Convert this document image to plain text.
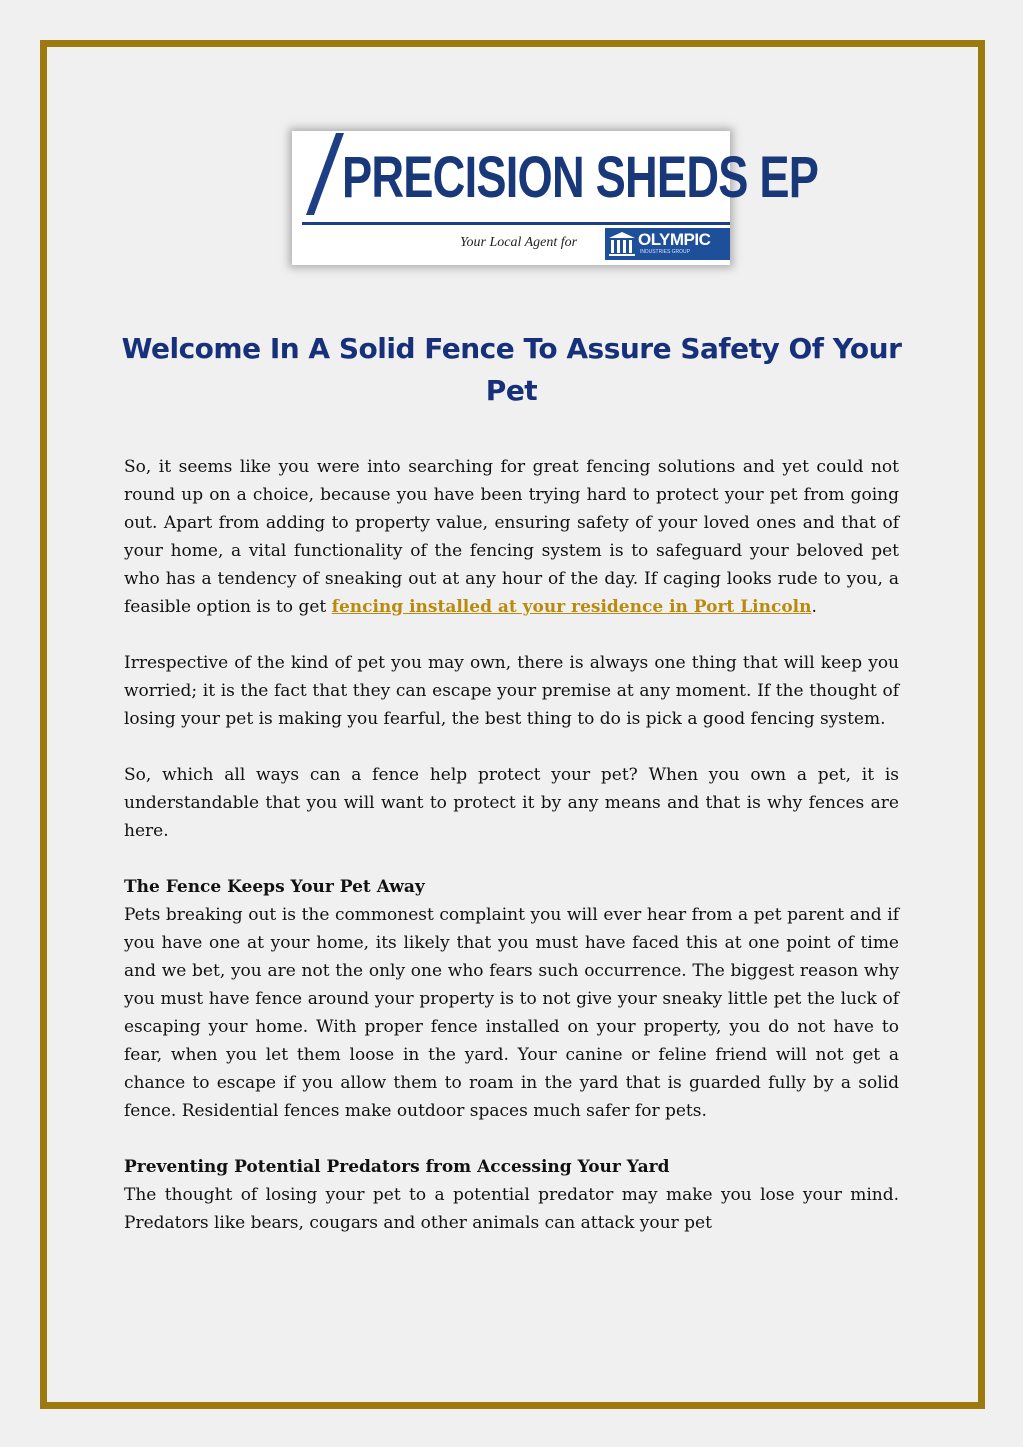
PRECISION SHEDS EP
Your Local Agent for	OLYMPIC
INDUSTRIES GROUP
Welcome In A Solid Fence To Assure Safety Of Your Pet

So, it seems like you were into searching for great fencing solutions and yet could not round up on a choice, because you have been trying hard to protect your pet from going out. Apart from adding to property value, ensuring safety of your loved ones and that of your home, a vital functionality of the fencing system is to safeguard your beloved pet who has a tendency of sneaking out at any hour of the day. If caging looks rude to you, a feasible option is to get fencing installed at your residence in Port Lincoln.

Irrespective of the kind of pet you may own, there is always one thing that will keep you worried; it is the fact that they can escape your premise at any moment. If the thought of losing your pet is making you fearful, the best thing to do is pick a good fencing system.

So, which all ways can a fence help protect your pet? When you own a pet, it is understandable that you will want to protect it by any means and that is why fences are here.

The Fence Keeps Your Pet Away

Pets breaking out is the commonest complaint you will ever hear from a pet parent and if you have one at your home, its likely that you must have faced this at one point of time and we bet, you are not the only one who fears such occurrence. The biggest reason why you must have fence around your property is to not give your sneaky little pet the luck of escaping your home. With proper fence installed on your property, you do not have to fear, when you let them loose in the yard. Your canine or feline friend will not get a chance to escape if you allow them to roam in the yard that is guarded fully by a solid fence. Residential fences make outdoor spaces much safer for pets.

Preventing Potential Predators from Accessing Your Yard

The thought of losing your pet to a potential predator may make you lose your mind. Predators like bears, cougars and other animals can attack your pet
